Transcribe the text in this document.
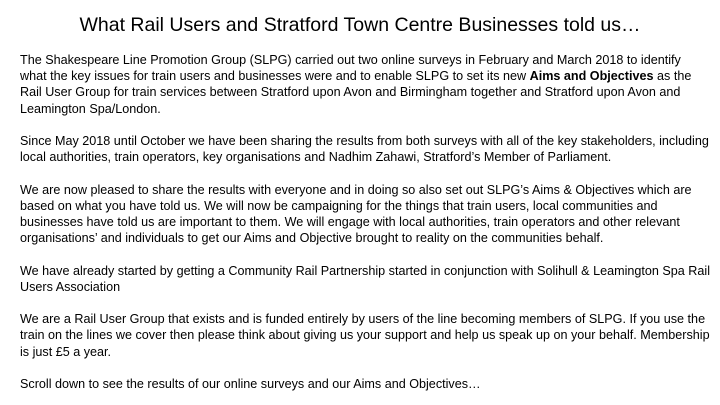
What Rail Users and Stratford Town Centre Businesses told us…

The Shakespeare Line Promotion Group (SLPG) carried out two online surveys in February and March 2018 to identify what the key issues for train users and businesses were and to enable SLPG to set its new Aims and Objectives as the Rail User Group for train services between Stratford upon Avon and Birmingham together and Stratford upon Avon and Leamington Spa/London.

Since May 2018 until October we have been sharing the results from both surveys with all of the key stakeholders, including local authorities, train operators, key organisations and Nadhim Zahawi, Stratford’s Member of Parliament.

We are now pleased to share the results with everyone and in doing so also set out SLPG’s Aims & Objectives which are based on what you have told us. We will now be campaigning for the things that train users, local communities and businesses have told us are important to them. We will engage with local authorities, train operators and other relevant organisations’ and individuals to get our Aims and Objective brought to reality on the communities behalf.

We have already started by getting a Community Rail Partnership started in conjunction with Solihull & Leamington Spa Rail Users Association

We are a Rail User Group that exists and is funded entirely by users of the line becoming members of SLPG. If you use the train on the lines we cover then please think about giving us your support and help us speak up on your behalf. Membership is just £5 a year.

Scroll down to see the results of our online surveys and our Aims and Objectives…
